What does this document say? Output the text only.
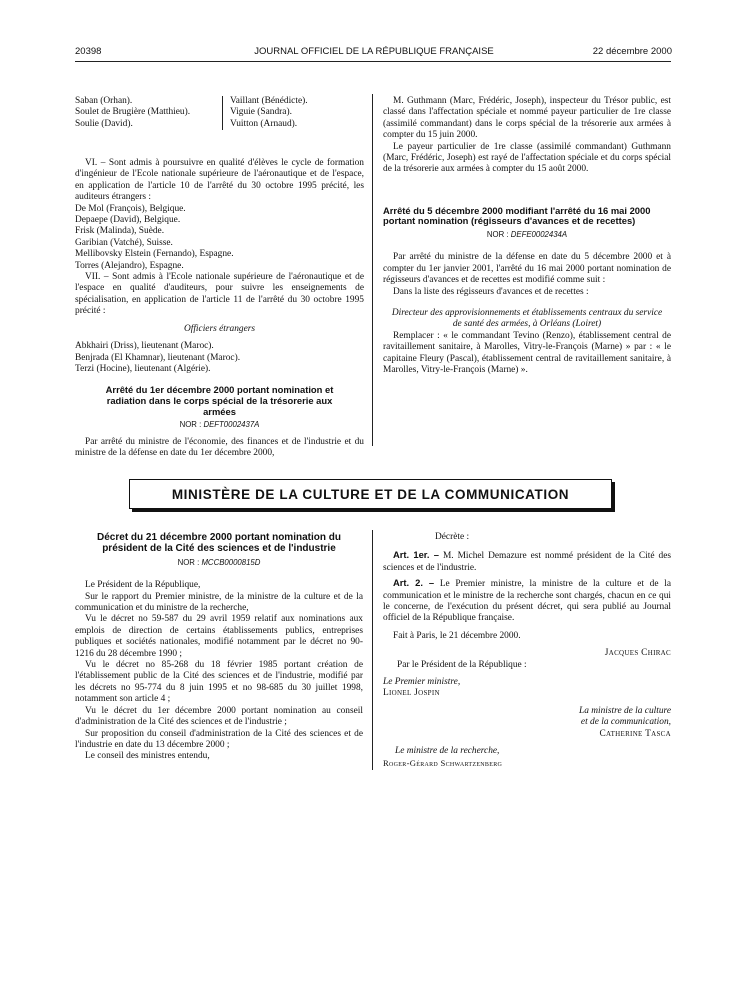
20398	JOURNAL OFFICIEL DE LA RÉPUBLIQUE FRANÇAISE	22 décembre 2000
Saban (Orhan).
Soulet de Brugière (Matthieu).
Soulie (David).
Vaillant (Bénédicte).
Viguie (Sandra).
Vuitton (Arnaud).

VI. – Sont admis à poursuivre en qualité d'élèves le cycle de formation d'ingénieur de l'Ecole nationale supérieure de l'aéronautique et de l'espace, en application de l'article 10 de l'arrêté du 30 octobre 1995 précité, les auditeurs étrangers :

De Mol (François), Belgique.
Depaepe (David), Belgique.
Frisk (Malinda), Suède.
Garibian (Vatché), Suisse.
Mellibovsky Elstein (Fernando), Espagne.
Torres (Alejandro), Espagne.

VII. – Sont admis à l'Ecole nationale supérieure de l'aéronautique et de l'espace en qualité d'auditeurs, pour suivre les enseignements de spécialisation, en application de l'article 11 de l'arrêté du 30 octobre 1995 précité :

Officiers étrangers

Abkhairi (Driss), lieutenant (Maroc).
Benjrada (El Khamnar), lieutenant (Maroc).
Terzi (Hocine), lieutenant (Algérie).
Arrêté du 1er décembre 2000 portant nomination et radiation dans le corps spécial de la trésorerie aux armées
NOR : DEFT0002437A

Par arrêté du ministre de l'économie, des finances et de l'industrie et du ministre de la défense en date du 1er décembre 2000,

M. Guthmann (Marc, Frédéric, Joseph), inspecteur du Trésor public, est classé dans l'affectation spéciale et nommé payeur particulier de 1re classe (assimilé commandant) dans le corps spécial de la trésorerie aux armées à compter du 15 juin 2000.

Le payeur particulier de 1re classe (assimilé commandant) Guthmann (Marc, Frédéric, Joseph) est rayé de l'affectation spéciale et du corps spécial de la trésorerie aux armées à compter du 15 août 2000.

Arrêté du 5 décembre 2000 modifiant l'arrêté du 16 mai 2000 portant nomination (régisseurs d'avances et de recettes)
NOR : DEFE0002434A

Par arrêté du ministre de la défense en date du 5 décembre 2000 et à compter du 1er janvier 2001, l'arrêté du 16 mai 2000 portant nomination de régisseurs d'avances et de recettes est modifié comme suit :

Dans la liste des régisseurs d'avances et de recettes :

Directeur des approvisionnements et établissements centraux du service de santé des armées, à Orléans (Loiret)

Remplacer : « le commandant Tevino (Renzo), établissement central de ravitaillement sanitaire, à Marolles, Vitry-le-François (Marne) » par : « le capitaine Fleury (Pascal), établissement central de ravitaillement sanitaire, à Marolles, Vitry-le-François (Marne) ».

MINISTÈRE DE LA CULTURE ET DE LA COMMUNICATION
Décret du 21 décembre 2000 portant nomination du président de la Cité des sciences et de l'industrie
NOR : MCCB0000815D

Le Président de la République,

Sur le rapport du Premier ministre, de la ministre de la culture et de la communication et du ministre de la recherche,

Vu le décret no 59-587 du 29 avril 1959 relatif aux nominations aux emplois de direction de certains établissements publics, entreprises publiques et sociétés nationales, modifié notamment par le décret no 90-1216 du 28 décembre 1990 ;

Vu le décret no 85-268 du 18 février 1985 portant création de l'établissement public de la Cité des sciences et de l'industrie, modifié par les décrets no 95-774 du 8 juin 1995 et no 98-685 du 30 juillet 1998, notamment son article 4 ;

Vu le décret du 1er décembre 2000 portant nomination au conseil d'administration de la Cité des sciences et de l'industrie ;

Sur proposition du conseil d'administration de la Cité des sciences et de l'industrie en date du 13 décembre 2000 ;

Le conseil des ministres entendu,

Décrète :

Art. 1er. – M. Michel Demazure est nommé président de la Cité des sciences et de l'industrie.

Art. 2. – Le Premier ministre, la ministre de la culture et de la communication et le ministre de la recherche sont chargés, chacun en ce qui le concerne, de l'exécution du présent décret, qui sera publié au Journal officiel de la République française.

Fait à Paris, le 21 décembre 2000.

Jacques Chirac

Par le Président de la République :

Le Premier ministre,

Lionel Jospin

La ministre de la culture

et de la communication,

Catherine Tasca

Le ministre de la recherche,

Roger-Gérard Schwartzenberg
